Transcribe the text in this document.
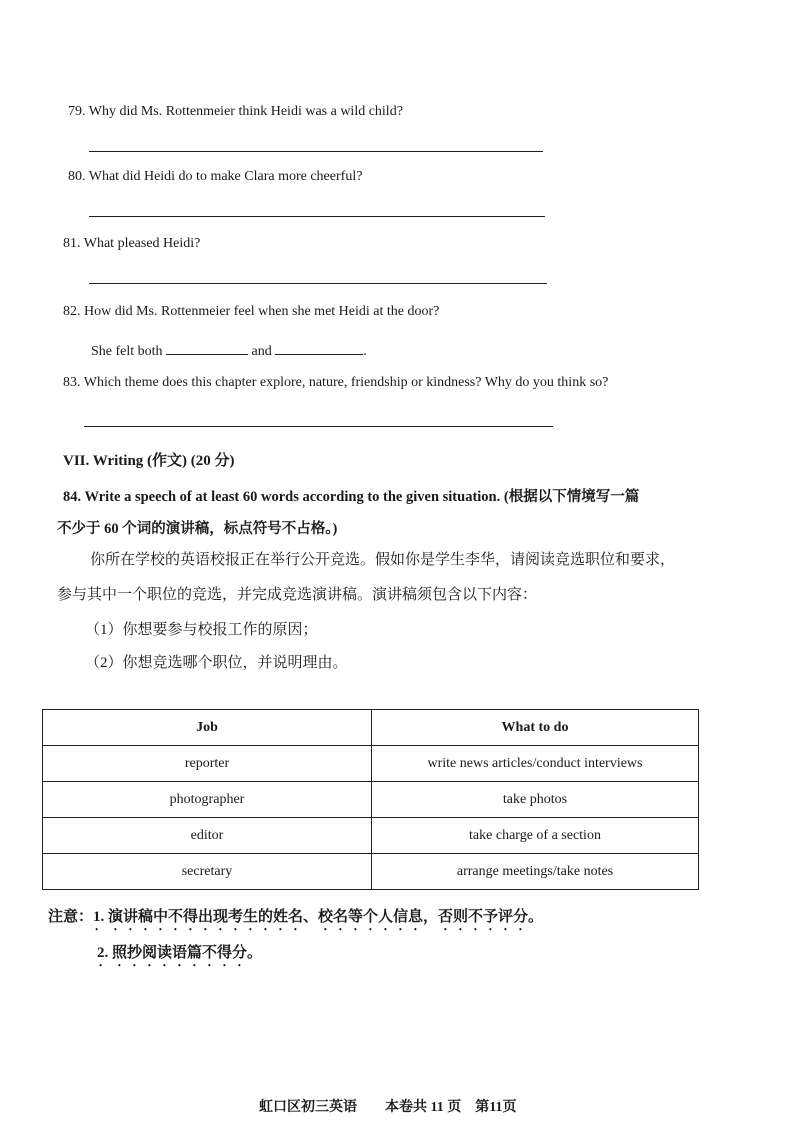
79. Why did Ms. Rottenmeier think Heidi was a wild child?
80. What did Heidi do to make Clara more cheerful?
81. What pleased Heidi?
82. How did Ms. Rottenmeier feel when she met Heidi at the door?
She felt both	and	.
83. Which theme does this chapter explore, nature, friendship or kindness? Why do you think so?
VII. Writing (作文) (20 分)
84. Write a speech of at least 60 words according to the given situation. (根据以下情境写一篇
不少于 60 个词的演讲稿，标点符号不占格。)
你所在学校的英语校报正在举行公开竞选。假如你是学生李华，请阅读竞选职位和要求，
参与其中一个职位的竞选，并完成竞选演讲稿。演讲稿须包含以下内容：
（1）你想要参与校报工作的原因；
（2）你想竞选哪个职位，并说明理由。
Job	What to do
reporter	write news articles/conduct interviews
photographer	take photos
editor	take charge of a section
secretary	arrange meetings/take notes
注意：1. 演讲稿中不得出现考生的姓名、校名等个人信息，否则不予评分。
2. 照抄阅读语篇不得分。
虹口区初三英语　　本卷共 11 页　第11页
